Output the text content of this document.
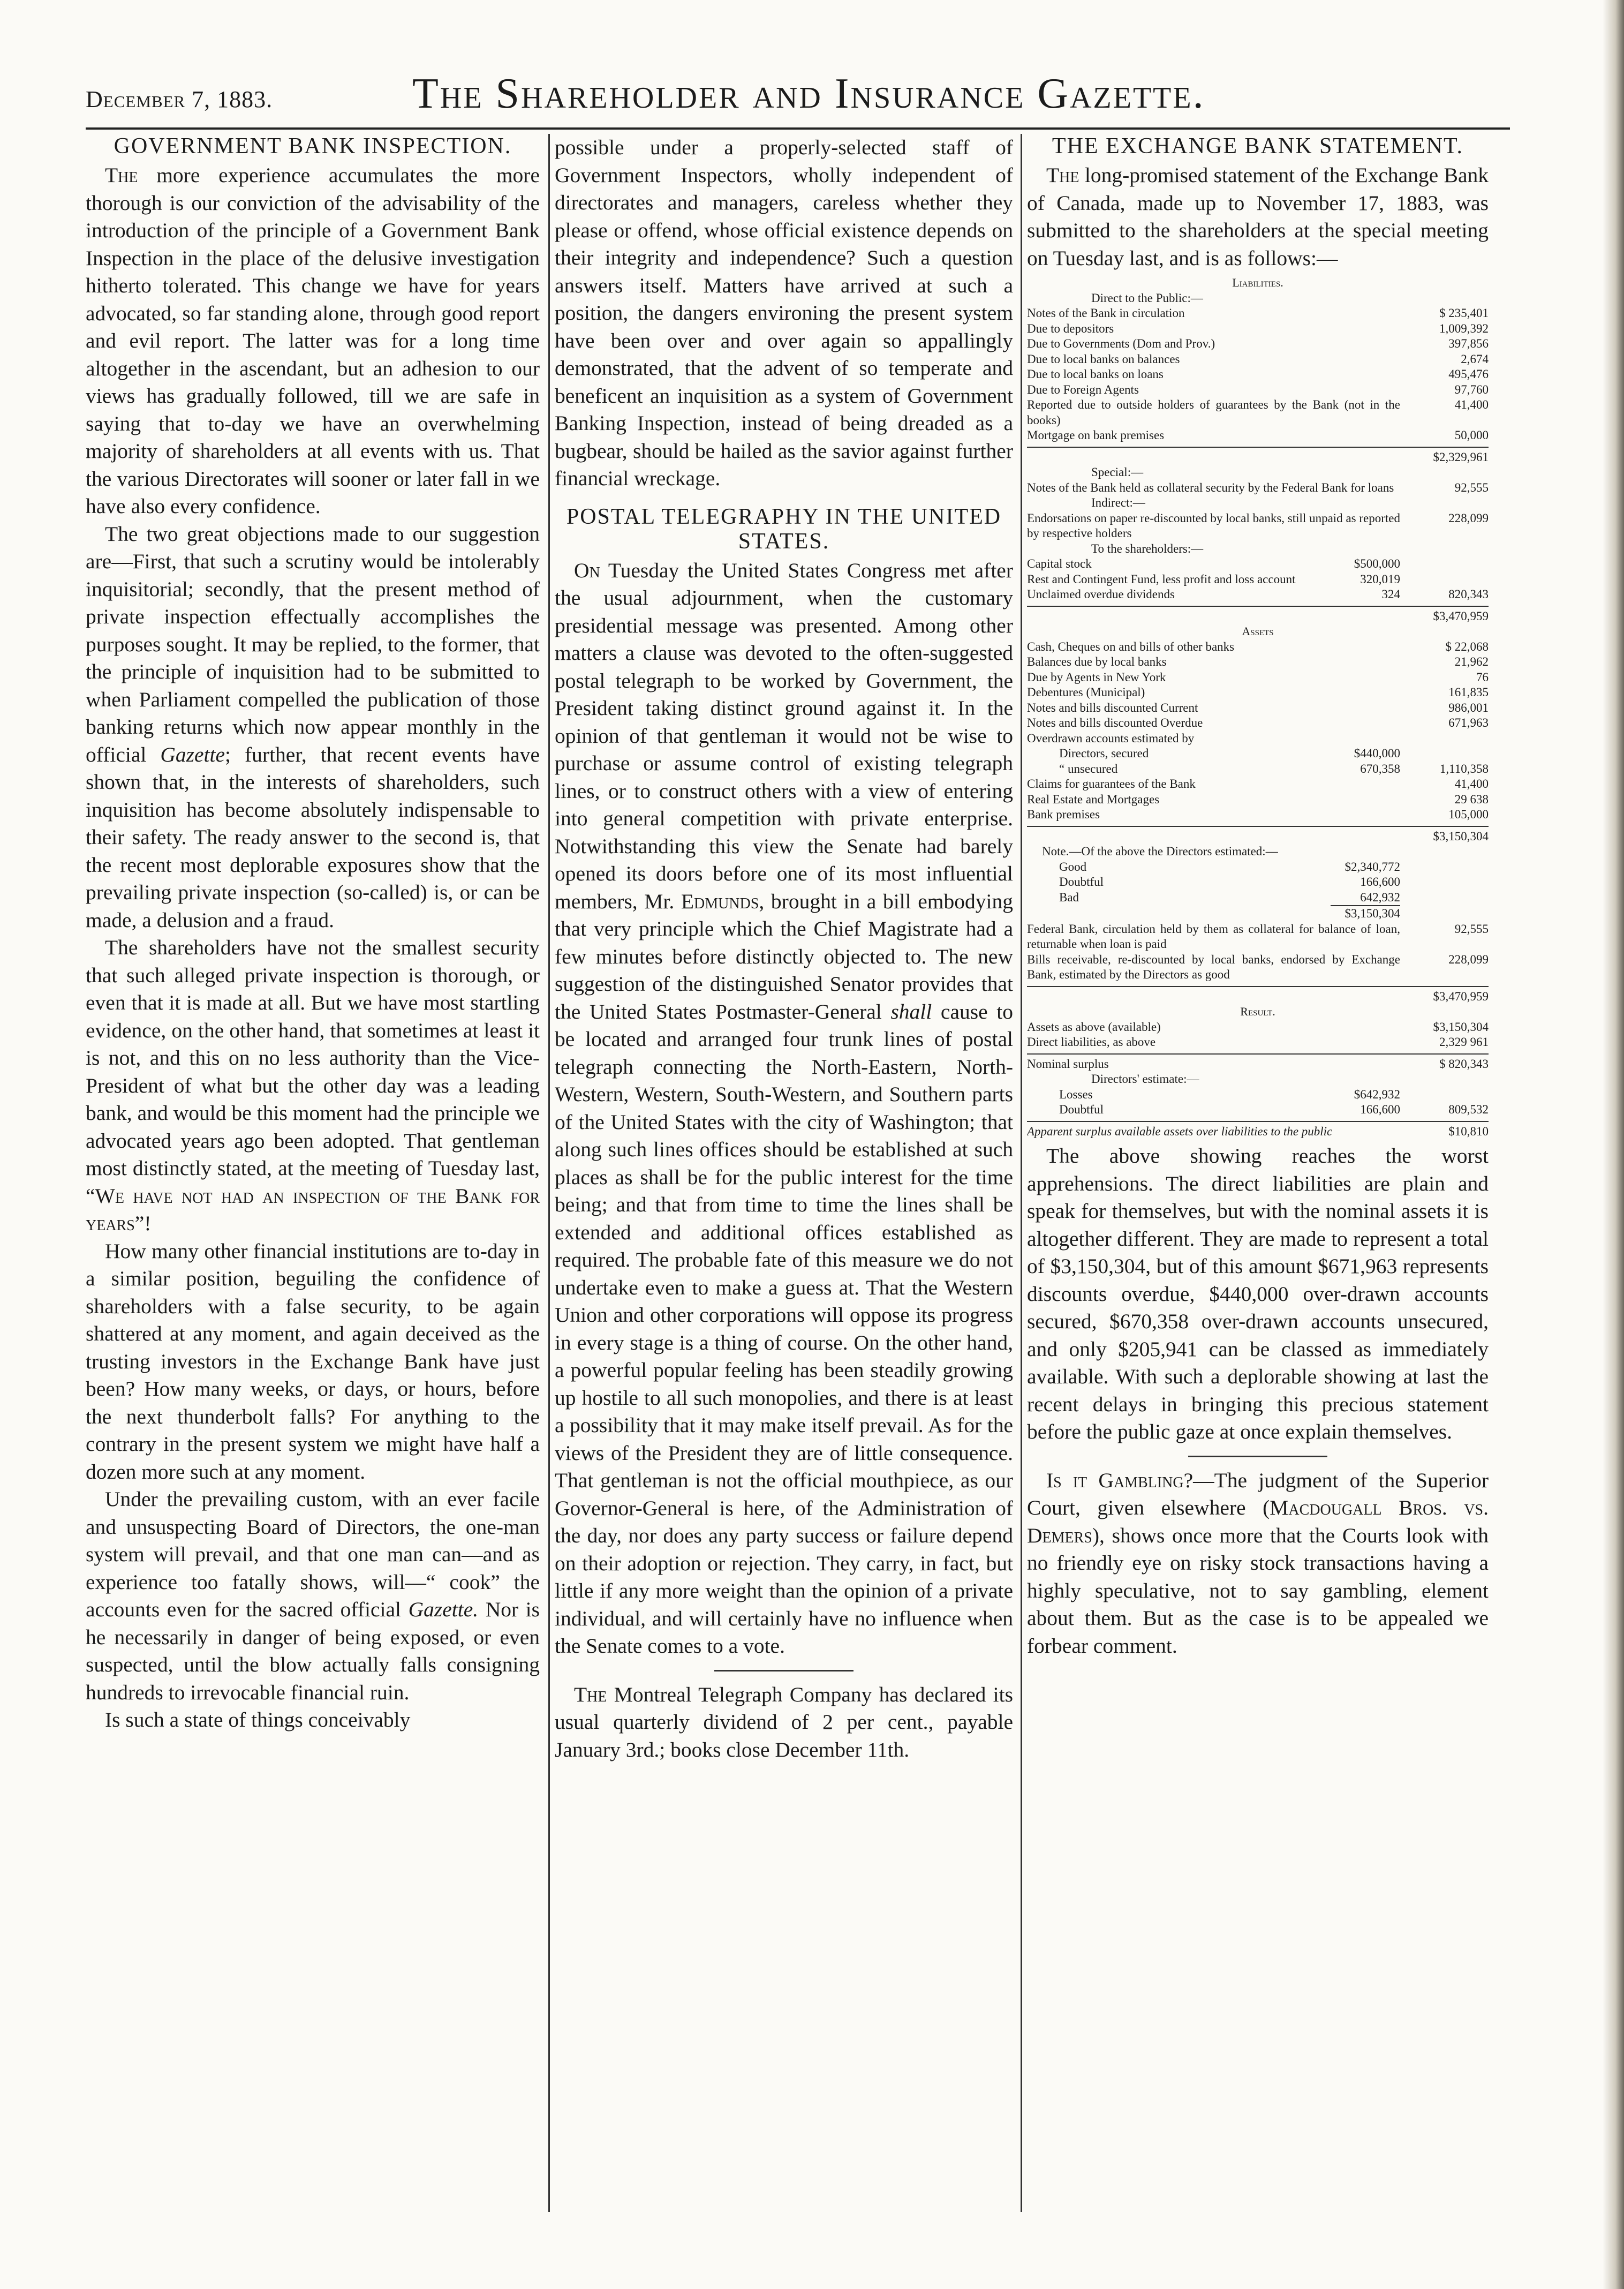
December 7, 1883.	The Shareholder and Insurance Gazette.
GOVERNMENT BANK INSPECTION.

The more experience accumulates the more thorough is our conviction of the advisability of the introduction of the principle of a Government Bank Inspection in the place of the delusive investigation hitherto tolerated. This change we have for years advocated, so far standing alone, through good report and evil report. The latter was for a long time altogether in the ascendant, but an adhesion to our views has gradually followed, till we are safe in saying that to-day we have an overwhelming majority of shareholders at all events with us. That the various Directorates will sooner or later fall in we have also every confidence.

The two great objections made to our suggestion are—First, that such a scrutiny would be intolerably inquisitorial; secondly, that the present method of private inspection effectually accomplishes the purposes sought. It may be replied, to the former, that the principle of inquisition had to be submitted to when Parliament compelled the publication of those banking returns which now appear monthly in the official Gazette; further, that recent events have shown that, in the interests of shareholders, such inquisition has become absolutely indispensable to their safety. The ready answer to the second is, that the recent most deplorable exposures show that the prevailing private inspection (so-called) is, or can be made, a delusion and a fraud.

The shareholders have not the smallest security that such alleged private inspection is thorough, or even that it is made at all. But we have most startling evidence, on the other hand, that sometimes at least it is not, and this on no less authority than the Vice-President of what but the other day was a leading bank, and would be this moment had the principle we advocated years ago been adopted. That gentleman most distinctly stated, at the meeting of Tuesday last, “We have not had an inspection of the Bank for years”!

How many other financial institutions are to-day in a similar position, beguiling the confidence of shareholders with a false security, to be again shattered at any moment, and again deceived as the trusting investors in the Exchange Bank have just been? How many weeks, or days, or hours, before the next thunderbolt falls? For anything to the contrary in the present system we might have half a dozen more such at any moment.

Under the prevailing custom, with an ever facile and unsuspecting Board of Directors, the one-man system will prevail, and that one man can—and as experience too fatally shows, will—“ cook” the accounts even for the sacred official Gazette. Nor is he necessarily in danger of being exposed, or even suspected, until the blow actually falls consigning hundreds to irrevocable financial ruin.

Is such a state of things conceivably

possible under a properly-selected staff of Government Inspectors, wholly independent of directorates and managers, careless whether they please or offend, whose official existence depends on their integrity and independence? Such a question answers itself. Matters have arrived at such a position, the dangers environing the present system have been over and over again so appallingly demonstrated, that the advent of so temperate and beneficent an inquisition as a system of Government Banking Inspection, instead of being dreaded as a bugbear, should be hailed as the savior against further financial wreckage.

POSTAL TELEGRAPHY IN THE UNITED STATES.

On Tuesday the United States Congress met after the usual adjournment, when the customary presidential message was presented. Among other matters a clause was devoted to the often-suggested postal telegraph to be worked by Government, the President taking distinct ground against it. In the opinion of that gentleman it would not be wise to purchase or assume control of existing telegraph lines, or to construct others with a view of entering into general competition with private enterprise. Notwithstanding this view the Senate had barely opened its doors before one of its most influential members, Mr. Edmunds, brought in a bill embodying that very principle which the Chief Magistrate had a few minutes before distinctly objected to. The new suggestion of the distinguished Senator provides that the United States Postmaster-General shall cause to be located and arranged four trunk lines of postal telegraph connecting the North-Eastern, North-Western, Western, South-Western, and Southern parts of the United States with the city of Washington; that along such lines offices should be established at such places as shall be for the public interest for the time being; and that from time to time the lines shall be extended and additional offices established as required. The probable fate of this measure we do not undertake even to make a guess at. That the Western Union and other corporations will oppose its progress in every stage is a thing of course. On the other hand, a powerful popular feeling has been steadily growing up hostile to all such monopolies, and there is at least a possibility that it may make itself prevail. As for the views of the President they are of little consequence. That gentleman is not the official mouthpiece, as our Governor-General is here, of the Administration of the day, nor does any party success or failure depend on their adoption or rejection. They carry, in fact, but little if any more weight than the opinion of a private individual, and will certainly have no influence when the Senate comes to a vote.

The Montreal Telegraph Company has declared its usual quarterly dividend of 2 per cent., payable January 3rd.; books close December 11th.

THE EXCHANGE BANK STATEMENT.

The long-promised statement of the Exchange Bank of Canada, made up to November 17, 1883, was submitted to the shareholders at the special meeting on Tuesday last, and is as follows:—

Liabilities.
Direct to the Public:—
Notes of the Bank in circulation	$ 235,401
Due to depositors	1,009,392
Due to Governments (Dom and Prov.)	397,856
Due to local banks on balances	2,674
Due to local banks on loans	495,476
Due to Foreign Agents	97,760
Reported due to outside holders of guarantees by the Bank (not in the books)
41,400
Mortgage on bank premises	50,000
$2,329,961
Special:—
Notes of the Bank held as collateral security by the Federal Bank for loans	92,555
Indirect:—
Endorsations on paper re-discounted by local banks, still unpaid as reported by respective holders
228,099
To the shareholders:—
Capital stock	$500,000
Rest and Contingent Fund, less profit and loss account	320,019
Unclaimed overdue dividends	324	820,343
$3,470,959
Assets
Cash, Cheques on and bills of other banks	$ 22,068
Balances due by local banks	21,962
Due by Agents in New York	76
Debentures (Municipal)	161,835
Notes and bills discounted Current	986,001
Notes and bills discounted Overdue	671,963
Overdrawn accounts estimated by
Directors, secured	$440,000
“ unsecured	670,358	1,110,358
Claims for guarantees of the Bank	41,400
Real Estate and Mortgages	29 638
Bank premises	105,000
$3,150,304
Note.—Of the above the Directors estimated:—
Good	$2,340,772
Doubtful	166,600
Bad	642,932
$3,150,304
Federal Bank, circulation held by them as collateral for balance of loan, returnable when loan is paid
92,555
Bills receivable, re-discounted by local banks, endorsed by Exchange Bank, estimated by the Directors as good
228,099
$3,470,959
Result.
Assets as above (available)	$3,150,304
Direct liabilities, as above	2,329 961
Nominal surplus	$ 820,343
Directors' estimate:—
Losses	$642,932
Doubtful	166,600	809,532
Apparent surplus available assets over liabilities to the public	$10,810

The above showing reaches the worst apprehensions. The direct liabilities are plain and speak for themselves, but with the nominal assets it is altogether different. They are made to represent a total of $3,150,304, but of this amount $671,963 represents discounts overdue, $440,000 over-drawn accounts secured, $670,358 over-drawn accounts unsecured, and only $205,941 can be classed as immediately available. With such a deplorable showing at last the recent delays in bringing this precious statement before the public gaze at once explain themselves.

Is it Gambling?—The judgment of the Superior Court, given elsewhere (Macdougall Bros. vs. Demers), shows once more that the Courts look with no friendly eye on risky stock transactions having a highly speculative, not to say gambling, element about them. But as the case is to be appealed we forbear comment.
